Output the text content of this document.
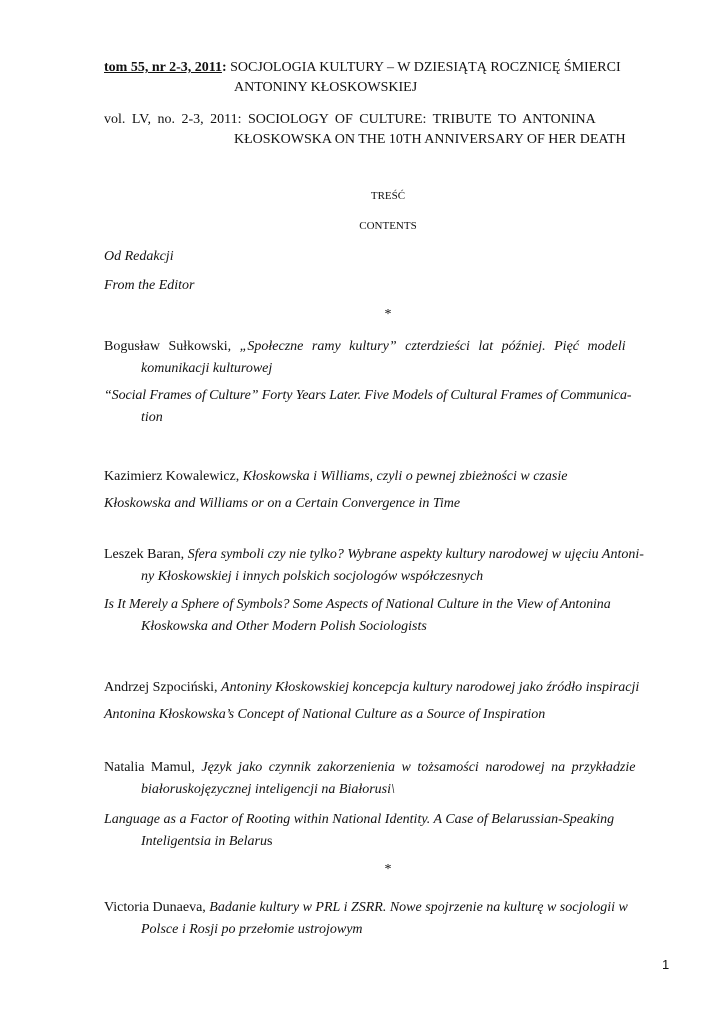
tom 55, nr 2-3, 2011: SOCJOLOGIA KULTURY – W DZIESIĄTĄ ROCZNICĘ ŚMIERCI
ANTONINY KŁOSKOWSKIEJ
vol. LV, no. 2-3, 2011: SOCIOLOGY OF CULTURE: TRIBUTE TO ANTONINA
KŁOSKOWSKA ON THE 10TH ANNIVERSARY OF HER DEATH
TREŚĆ
CONTENTS
Od Redakcji
From the Editor
*
Bogusław Sułkowski, „Społeczne ramy kultury” czterdzieści lat później. Pięć modeli
komunikacji kulturowej
“Social Frames of Culture” Forty Years Later. Five Models of Cultural Frames of Communica-
tion
Kazimierz Kowalewicz, Kłoskowska i Williams, czyli o pewnej zbieżności w czasie
Kłoskowska and Williams or on a Certain Convergence in Time
Leszek Baran, Sfera symboli czy nie tylko? Wybrane aspekty kultury narodowej w ujęciu Antoni-
ny Kłoskowskiej i innych polskich socjologów współczesnych
Is It Merely a Sphere of Symbols? Some Aspects of National Culture in the View of Antonina
Kłoskowska and Other Modern Polish Sociologists
Andrzej Szpociński, Antoniny Kłoskowskiej koncepcja kultury narodowej jako źródło inspiracji
Antonina Kłoskowska’s Concept of National Culture as a Source of Inspiration
Natalia Mamul, Język jako czynnik zakorzenienia w tożsamości narodowej na przykładzie
białoruskojęzycznej inteligencji na Białorusi\
Language as a Factor of Rooting within National Identity. A Case of Belarussian-Speaking
Inteligentsia in Belarus
*
Victoria Dunaeva, Badanie kultury w PRL i ZSRR. Nowe spojrzenie na kulturę w socjologii w
Polsce i Rosji po przełomie ustrojowym
1
